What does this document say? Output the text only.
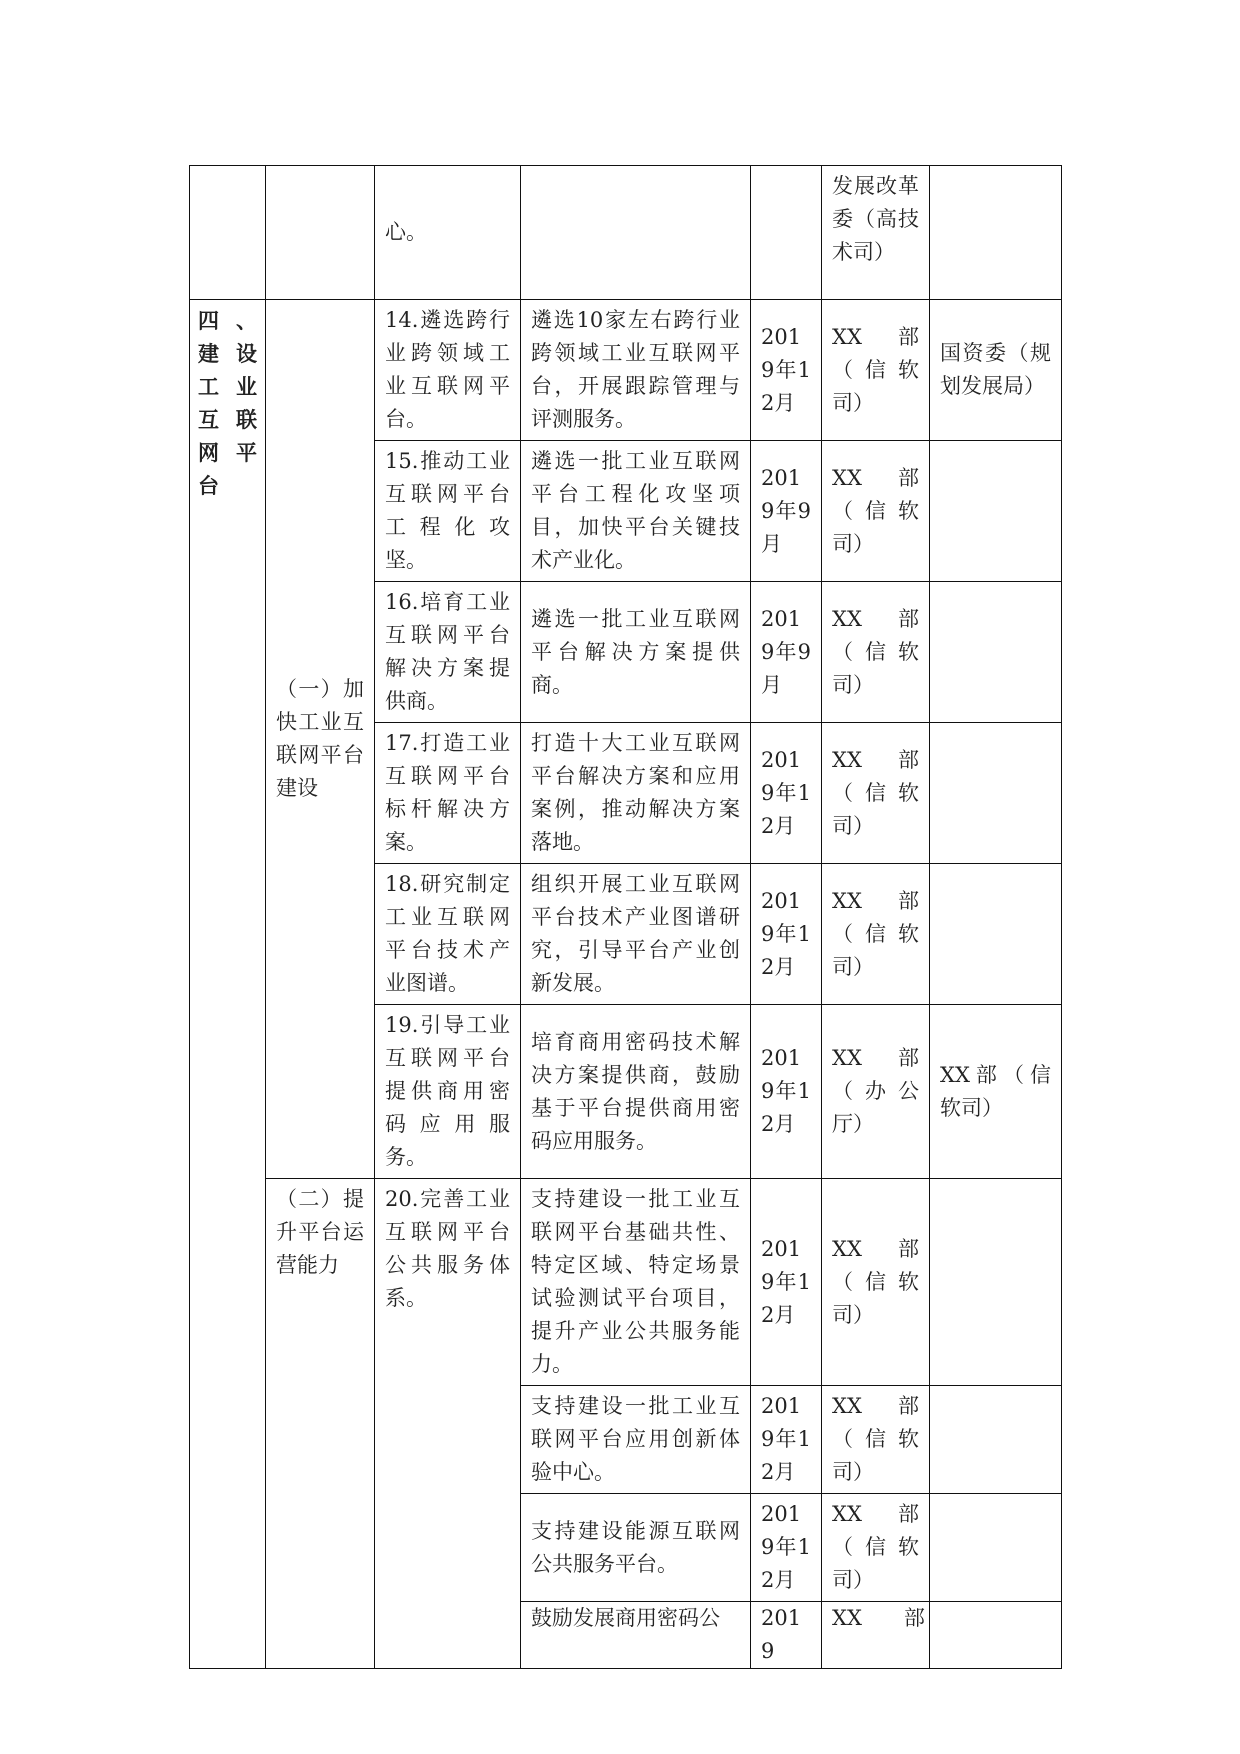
		心。			发展改革委（高技术司）	
四、建设工业互联网平台	（一）加快工业互联网平台建设	14.遴选跨行业跨领域工业互联网平台。	遴选10家左右跨行业跨领域工业互联网平台，开展跟踪管理与评测服务。	2019年12月	XX部（信软司）	国资委（规划发展局）
		15.推动工业互联网平台工程化攻坚。	遴选一批工业互联网平台工程化攻坚项目，加快平台关键技术产业化。	2019年9月	XX部（信软司）	
		16.培育工业互联网平台解决方案提供商。	遴选一批工业互联网平台解决方案提供商。	2019年9月	XX部（信软司）	
		17.打造工业互联网平台标杆解决方案。	打造十大工业互联网平台解决方案和应用案例，推动解决方案落地。	2019年12月	XX部（信软司）	
		18.研究制定工业互联网平台技术产业图谱。	组织开展工业互联网平台技术产业图谱研究，引导平台产业创新发展。	2019年12月	XX部（信软司）	
		19.引导工业互联网平台提供商用密码应用服务。	培育商用密码技术解决方案提供商，鼓励基于平台提供商用密码应用服务。	2019年12月	XX部（办公厅）	XX部（信软司）
	（二）提升平台运营能力	20.完善工业互联网平台公共服务体系。	支持建设一批工业互联网平台基础共性、特定区域、特定场景试验测试平台项目，提升产业公共服务能力。	2019年12月	XX部（信软司）	
			支持建设一批工业互联网平台应用创新体验中心。	2019年12月	XX部（信软司）	
			支持建设能源互联网公共服务平台。	2019年12月	XX部（信软司）	
			鼓励发展商用密码公	2019	XX　　部	
